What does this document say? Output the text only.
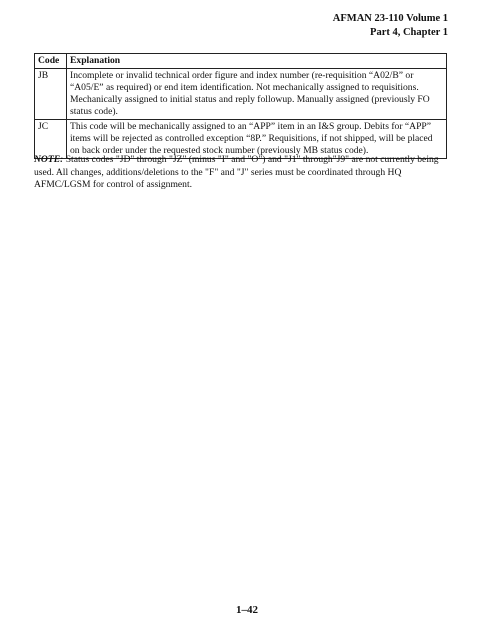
AFMAN 23-110 Volume 1
Part 4, Chapter 1
Code	Explanation
JB	Incomplete or invalid technical order figure and index number (re-requisition “A02/B” or “A05/E” as required) or end item identification. Not mechanically assigned to requisitions. Mechanically assigned to initial status and reply followup. Manually assigned (previously FO status code).
JC	This code will be mechanically assigned to an “APP” item in an I&S group. Debits for “APP” items will be rejected as controlled exception “8P.” Requisitions, if not shipped, will be placed on back order under the requested stock number (previously MB status code).
NOTE: Status codes "JD" through "JZ" (minus "I" and "O") and "J1" through"J9" are not currently being used. All changes, additions/deletions to the "F" and "J" series must be coordinated through HQ AFMC/LGSM for control of assignment.
1–42
